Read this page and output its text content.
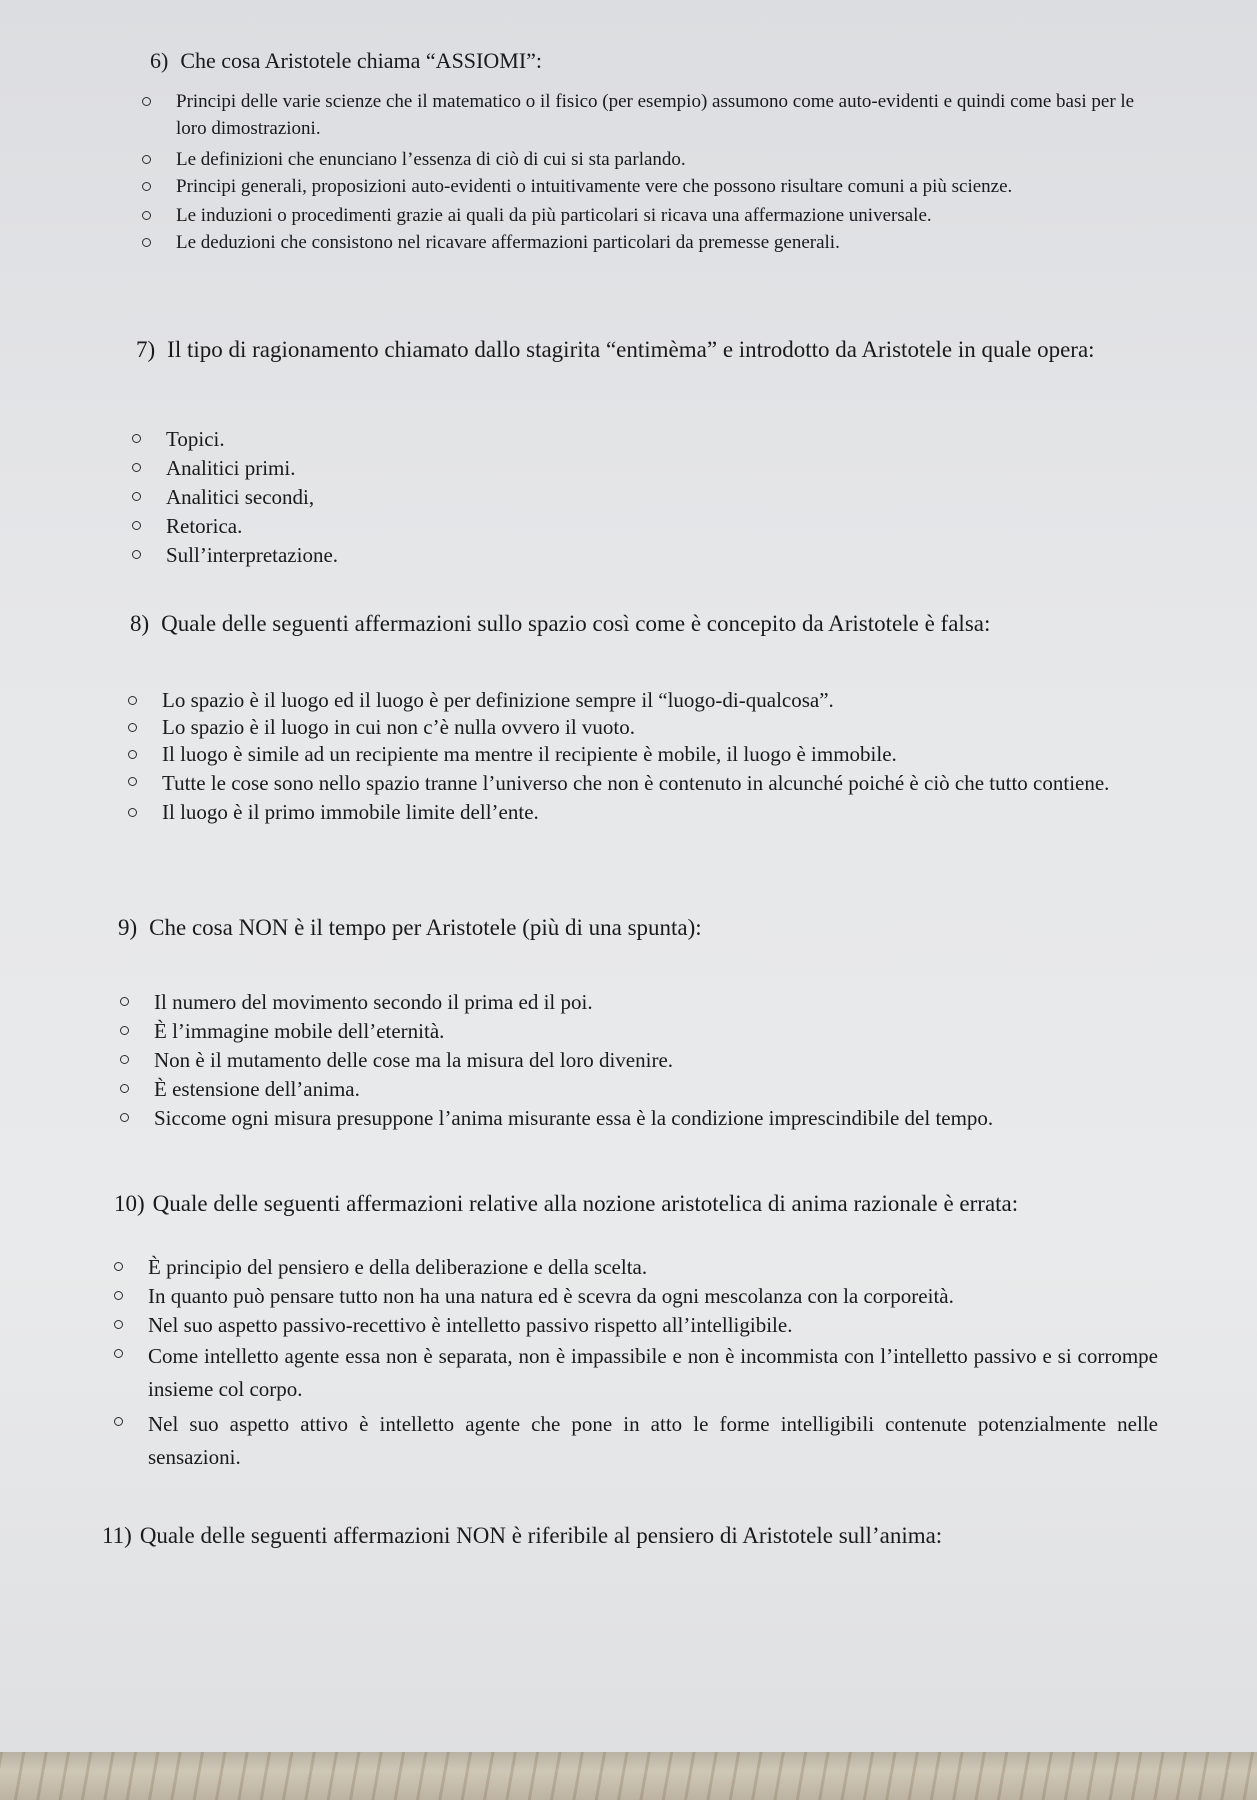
6) Che cosa Aristotele chiama “ASSIOMI”:
Principi delle varie scienze che il matematico o il fisico (per esempio) assumono come auto-evidenti e quindi come basi per le loro dimostrazioni.
Le definizioni che enunciano l’essenza di ciò di cui si sta parlando.
Principi generali, proposizioni auto-evidenti o intuitivamente vere che possono risultare comuni a più scienze.
Le induzioni o procedimenti grazie ai quali da più particolari si ricava una affermazione universale.
Le deduzioni che consistono nel ricavare affermazioni particolari da premesse generali.
7) Il tipo di ragionamento chiamato dallo stagirita “entimèma” e introdotto da Aristotele in quale opera:
Topici.
Analitici primi.
Analitici secondi,
Retorica.
Sull’interpretazione.
8) Quale delle seguenti affermazioni sullo spazio così come è concepito da Aristotele è falsa:
Lo spazio è il luogo ed il luogo è per definizione sempre il “luogo-di-qualcosa”.
Lo spazio è il luogo in cui non c’è nulla ovvero il vuoto.
Il luogo è simile ad un recipiente ma mentre il recipiente è mobile, il luogo è immobile.
Tutte le cose sono nello spazio tranne l’universo che non è contenuto in alcunché poiché è ciò che tutto contiene.
Il luogo è il primo immobile limite dell’ente.
9) Che cosa NON è il tempo per Aristotele (più di una spunta):
Il numero del movimento secondo il prima ed il poi.
È l’immagine mobile dell’eternità.
Non è il mutamento delle cose ma la misura del loro divenire.
È estensione dell’anima.
Siccome ogni misura presuppone l’anima misurante essa è la condizione imprescindibile del tempo.
10) Quale delle seguenti affermazioni relative alla nozione aristotelica di anima razionale è errata:
È principio del pensiero e della deliberazione e della scelta.
In quanto può pensare tutto non ha una natura ed è scevra da ogni mescolanza con la corporeità.
Nel suo aspetto passivo-recettivo è intelletto passivo rispetto all’intelligibile.
Come intelletto agente essa non è separata, non è impassibile e non è incommista con l’intelletto passivo e si corrompe insieme col corpo.
Nel suo aspetto attivo è intelletto agente che pone in atto le forme intelligibili contenute potenzialmente nelle sensazioni.
11) Quale delle seguenti affermazioni NON è riferibile al pensiero di Aristotele sull’anima:
